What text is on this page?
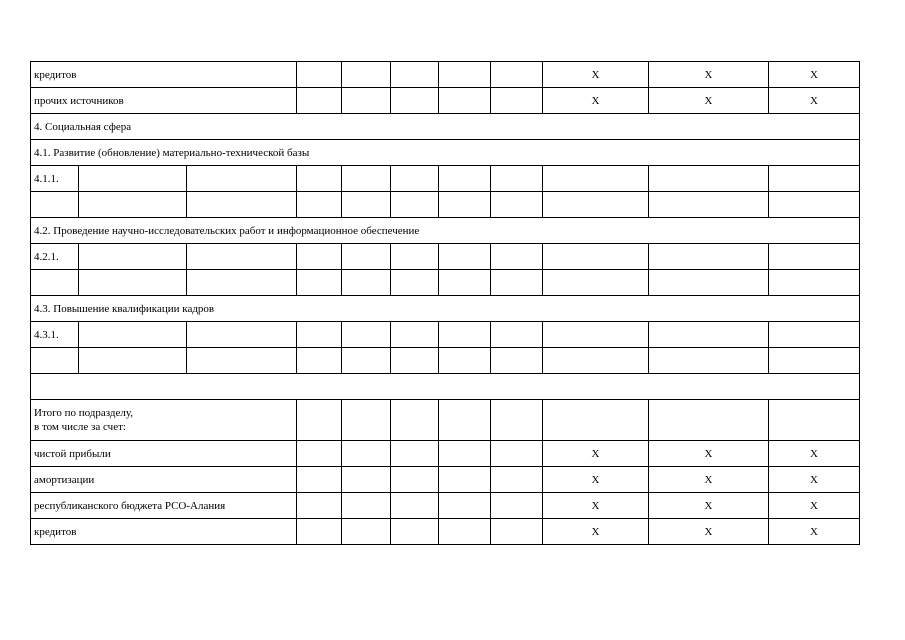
кредитов								X	X	X
прочих источников								X	X	X
4. Социальная сфера										
4.1. Развитие (обновление) материально-технической базы										
4.1.1.										

4.2. Проведение научно-исследовательских работ и информационное обеспечение										
4.2.1.										

4.3. Повышение квалификации кадров										
4.3.1.										

Итого по подразделу,
в том числе за счет:										

чистой прибыли								X	X	X
амортизации								X	X	X
республиканского бюджета РСО-Алания								X	X	X
кредитов								X	X	X
